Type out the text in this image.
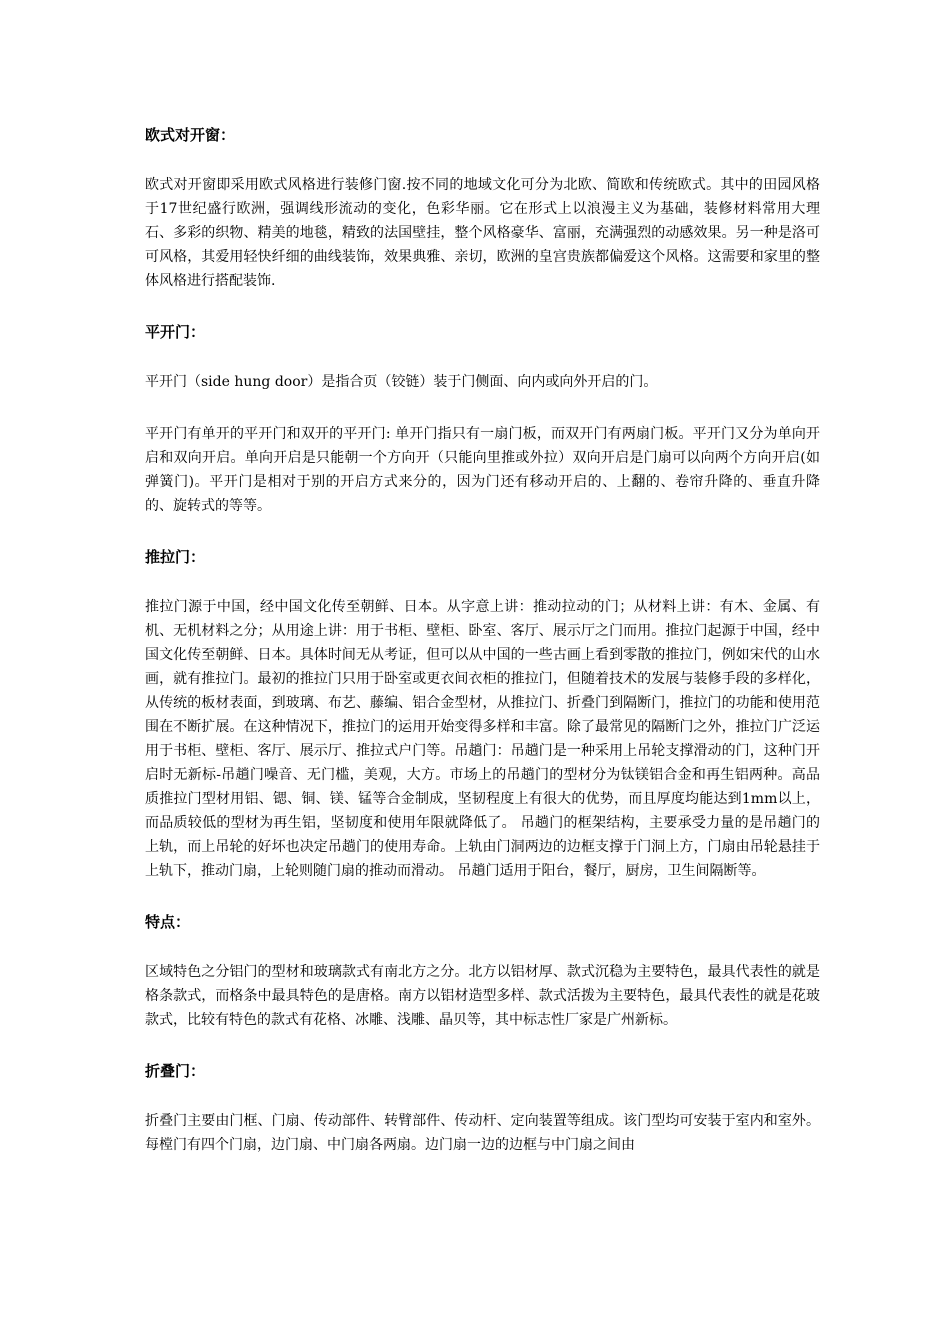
欧式对开窗：

欧式对开窗即采用欧式风格进行装修门窗.按不同的地域文化可分为北欧、简欧和传统欧式。其中的田园风格于17世纪盛行欧洲，强调线形流动的变化，色彩华丽。它在形式上以浪漫主义为基础，装修材料常用大理石、多彩的织物、精美的地毯，精致的法国壁挂，整个风格豪华、富丽，充满强烈的动感效果。另一种是洛可可风格，其爱用轻快纤细的曲线装饰，效果典雅、亲切，欧洲的皇宫贵族都偏爱这个风格。这需要和家里的整体风格进行搭配装饰.

平开门：

平开门（side hung door）是指合页（铰链）装于门侧面、向内或向外开启的门。

平开门有单开的平开门和双开的平开门: 单开门指只有一扇门板，而双开门有两扇门板。平开门又分为单向开启和双向开启。单向开启是只能朝一个方向开（只能向里推或外拉）双向开启是门扇可以向两个方向开启(如弹簧门)。平开门是相对于别的开启方式来分的，因为门还有移动开启的、上翻的、卷帘升降的、垂直升降的、旋转式的等等。

推拉门：

推拉门源于中国，经中国文化传至朝鲜、日本。从字意上讲：推动拉动的门；从材料上讲：有木、金属、有机、无机材料之分；从用途上讲：用于书柜、壁柜、卧室、客厅、展示厅之门而用。推拉门起源于中国，经中国文化传至朝鲜、日本。具体时间无从考证，但可以从中国的一些古画上看到零散的推拉门，例如宋代的山水画，就有推拉门。最初的推拉门只用于卧室或更衣间衣柜的推拉门，但随着技术的发展与装修手段的多样化，从传统的板材表面，到玻璃、布艺、藤编、铝合金型材，从推拉门、折叠门到隔断门，推拉门的功能和使用范围在不断扩展。在这种情况下，推拉门的运用开始变得多样和丰富。除了最常见的隔断门之外，推拉门广泛运用于书柜、壁柜、客厅、展示厅、推拉式户门等。吊趟门：吊趟门是一种采用上吊轮支撑滑动的门，这种门开启时无新标-吊趟门噪音、无门槛，美观，大方。市场上的吊趟门的型材分为钛镁铝合金和再生铝两种。高品质推拉门型材用铝、锶、铜、镁、锰等合金制成，坚韧程度上有很大的优势，而且厚度均能达到1mm以上，而品质较低的型材为再生铝，坚韧度和使用年限就降低了。 吊趟门的框架结构，主要承受力量的是吊趟门的上轨，而上吊轮的好坏也决定吊趟门的使用寿命。上轨由门洞两边的边框支撑于门洞上方，门扇由吊轮悬挂于上轨下，推动门扇，上轮则随门扇的推动而滑动。 吊趟门适用于阳台，餐厅，厨房，卫生间隔断等。

特点：

区域特色之分铝门的型材和玻璃款式有南北方之分。北方以铝材厚、款式沉稳为主要特色，最具代表性的就是格条款式，而格条中最具特色的是唐格。南方以铝材造型多样、款式活拨为主要特色，最具代表性的就是花玻款式，比较有特色的款式有花格、冰雕、浅雕、晶贝等，其中标志性厂家是广州新标。

折叠门：

折叠门主要由门框、门扇、传动部件、转臂部件、传动杆、定向装置等组成。该门型均可安装于室内和室外。每樘门有四个门扇，边门扇、中门扇各两扇。边门扇一边的边框与中门扇之间由
